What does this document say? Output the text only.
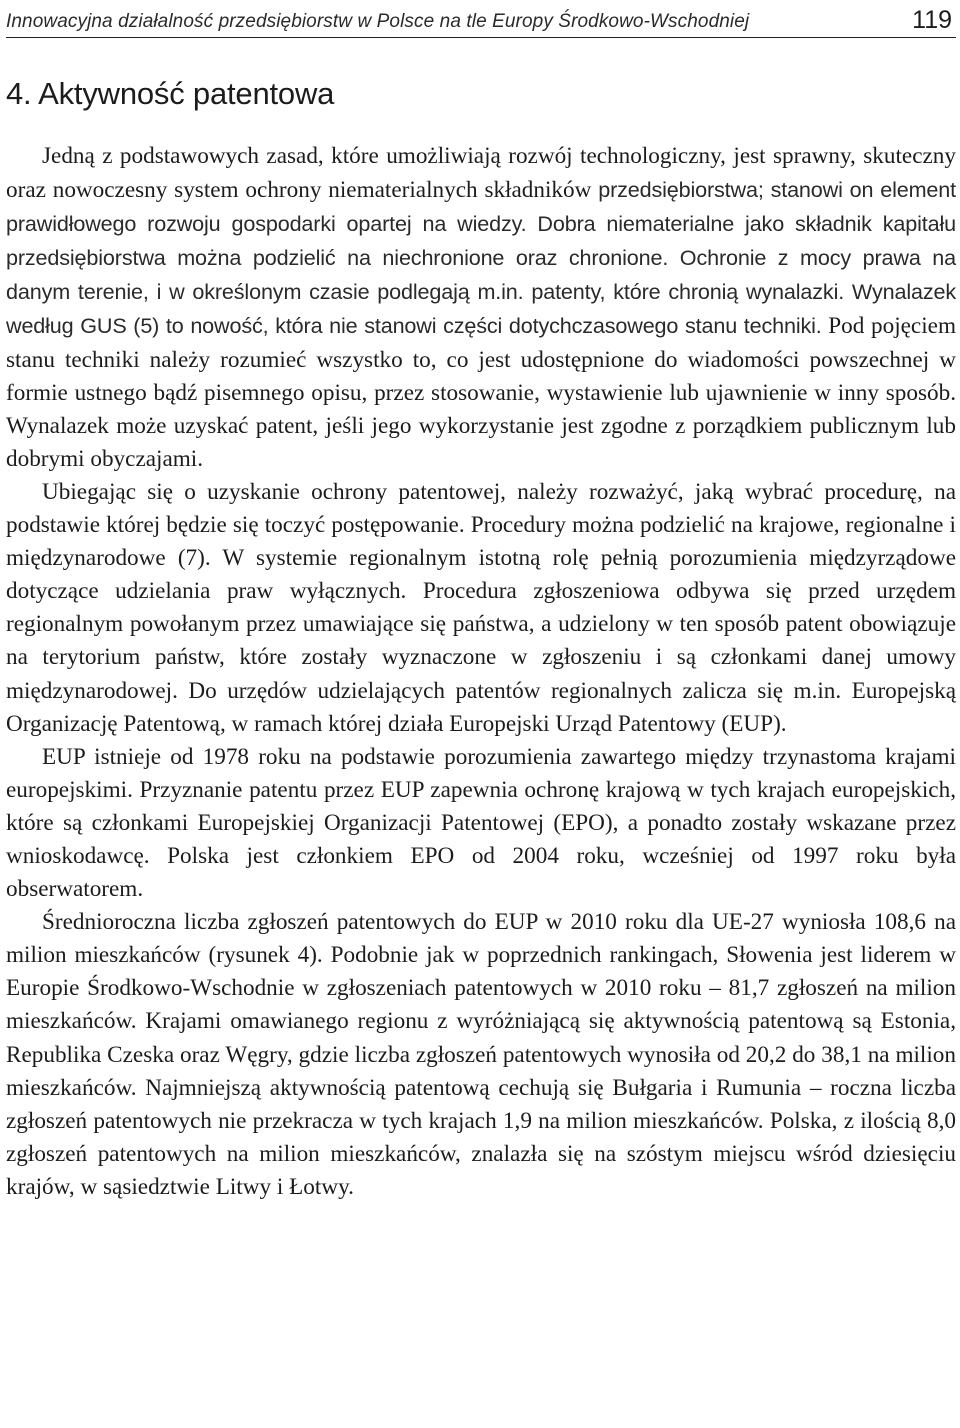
Innowacyjna działalność przedsiębiorstw w Polsce na tle Europy Środkowo-Wschodniej	119
4. Aktywność patentowa

Jedną z podstawowych zasad, które umożliwiają rozwój technologiczny, jest sprawny, skuteczny oraz nowoczesny system ochrony niematerialnych składników przedsiębiorstwa; stanowi on element prawidłowego rozwoju gospodarki opartej na wiedzy. Dobra niematerialne jako składnik kapitału przedsiębiorstwa można podzielić na niechronione oraz chronione. Ochronie z mocy prawa na danym terenie, i w określonym czasie podlegają m.in. patenty, które chronią wynalazki. Wynalazek według GUS (5) to nowość, która nie stanowi części dotychczasowego stanu techniki. Pod pojęciem stanu techniki należy rozumieć wszystko to, co jest udostępnione do wiadomości powszechnej w formie ustnego bądź pisemnego opisu, przez stosowanie, wystawienie lub ujawnienie w inny sposób. Wynalazek może uzyskać patent, jeśli jego wykorzystanie jest zgodne z porządkiem publicznym lub dobrymi obyczajami.

Ubiegając się o uzyskanie ochrony patentowej, należy rozważyć, jaką wybrać procedurę, na podstawie której będzie się toczyć postępowanie. Procedury można podzielić na krajowe, regionalne i międzynarodowe (7). W systemie regionalnym istotną rolę pełnią porozumienia międzyrządowe dotyczące udzielania praw wyłącznych. Procedura zgłoszeniowa odbywa się przed urzędem regionalnym powołanym przez umawiające się państwa, a udzielony w ten sposób patent obowiązuje na terytorium państw, które zostały wyznaczone w zgłoszeniu i są członkami danej umowy międzynarodowej. Do urzędów udzielających patentów regionalnych zalicza się m.in. Europejską Organizację Patentową, w ramach której działa Europejski Urząd Patentowy (EUP).

EUP istnieje od 1978 roku na podstawie porozumienia zawartego między trzynastoma krajami europejskimi. Przyznanie patentu przez EUP zapewnia ochronę krajową w tych krajach europejskich, które są członkami Europejskiej Organizacji Patentowej (EPO), a ponadto zostały wskazane przez wnioskodawcę. Polska jest członkiem EPO od 2004 roku, wcześniej od 1997 roku była obserwatorem.

Średnioroczna liczba zgłoszeń patentowych do EUP w 2010 roku dla UE-27 wyniosła 108,6 na milion mieszkańców (rysunek 4). Podobnie jak w poprzednich rankingach, Słowenia jest liderem w Europie Środkowo-Wschodnie w zgłoszeniach patentowych w 2010 roku – 81,7 zgłoszeń na milion mieszkańców. Krajami omawianego regionu z wyróżniającą się aktywnością patentową są Estonia, Republika Czeska oraz Węgry, gdzie liczba zgłoszeń patentowych wynosiła od 20,2 do 38,1 na milion mieszkańców. Najmniejszą aktywnością patentową cechują się Bułgaria i Rumunia – roczna liczba zgłoszeń patentowych nie przekracza w tych krajach 1,9 na milion mieszkańców. Polska, z ilością 8,0 zgłoszeń patentowych na milion mieszkańców, znalazła się na szóstym miejscu wśród dziesięciu krajów, w sąsiedztwie Litwy i Łotwy.
